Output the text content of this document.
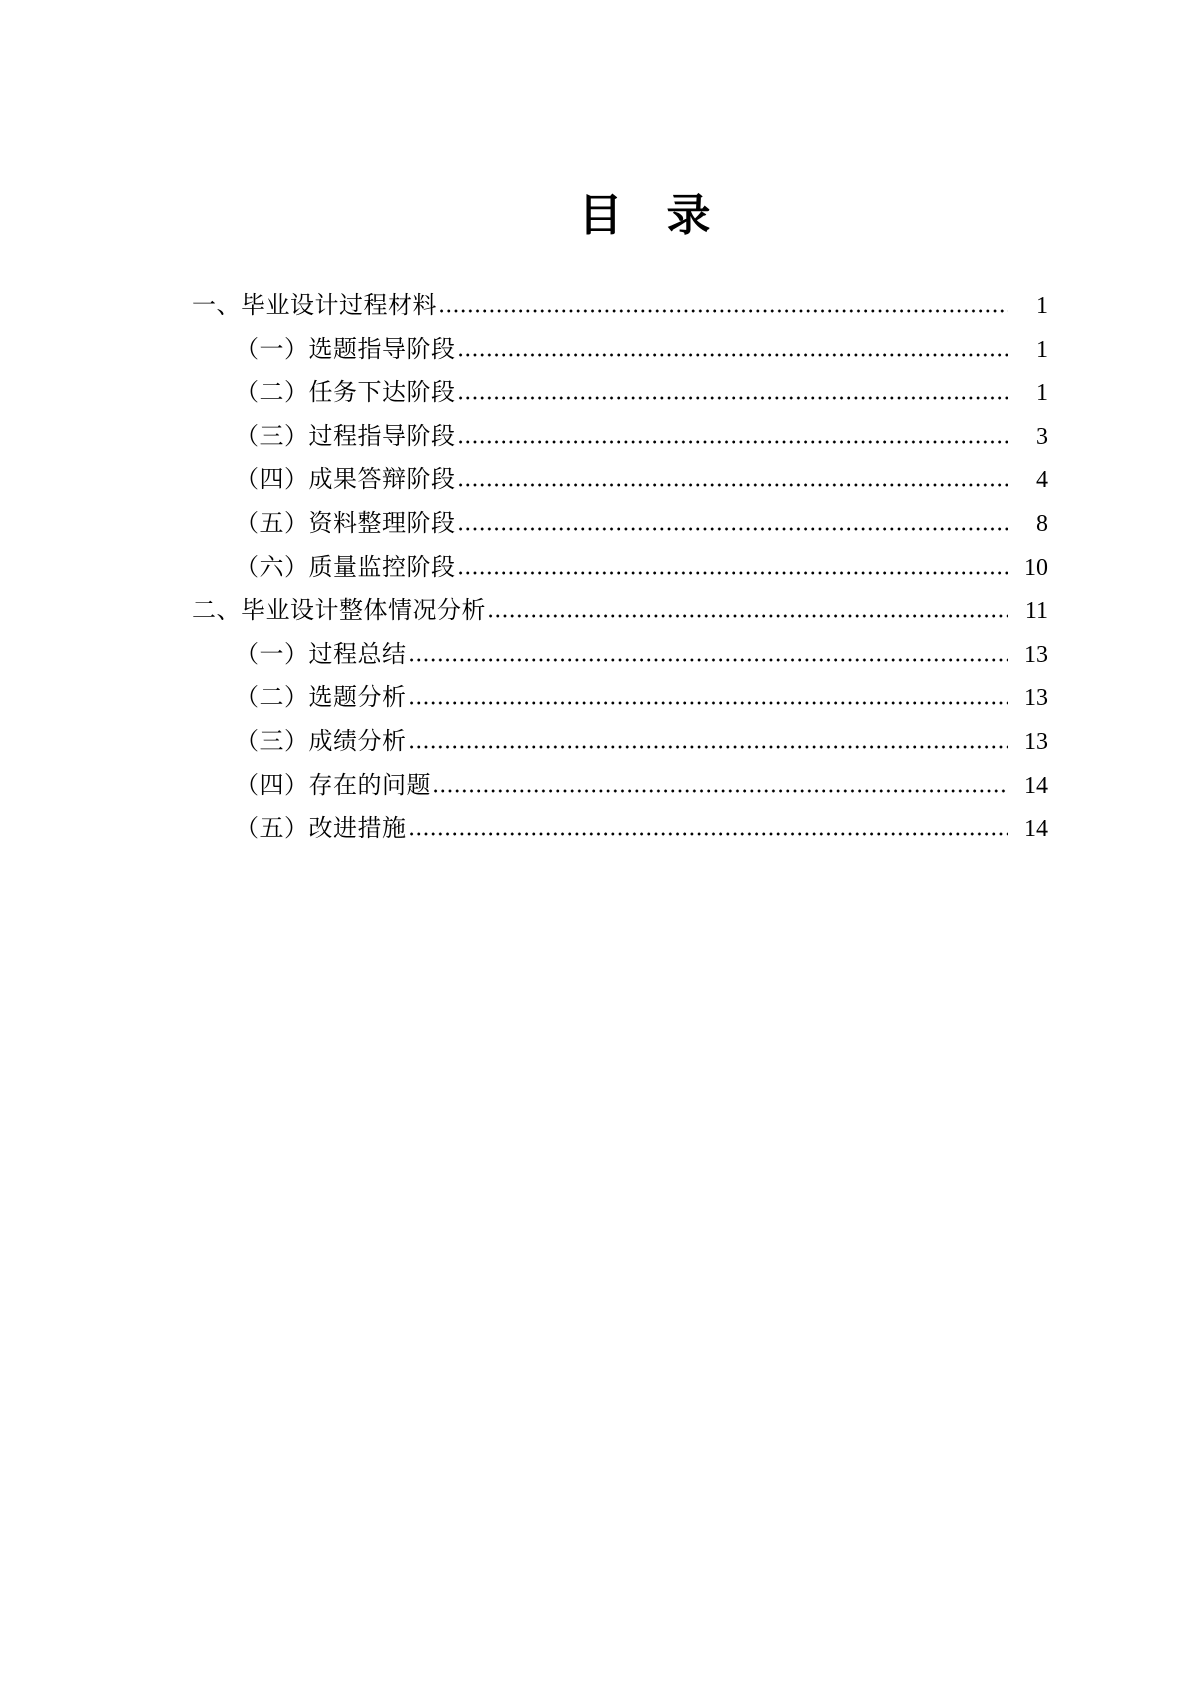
目　录
一、毕业设计过程材料	1
（一）选题指导阶段	1
（二）任务下达阶段	1
（三）过程指导阶段	3
（四）成果答辩阶段	4
（五）资料整理阶段	8
（六）质量监控阶段	10
二、毕业设计整体情况分析	11
（一）过程总结	13
（二）选题分析	13
（三）成绩分析	13
（四）存在的问题	14
（五）改进措施	14
